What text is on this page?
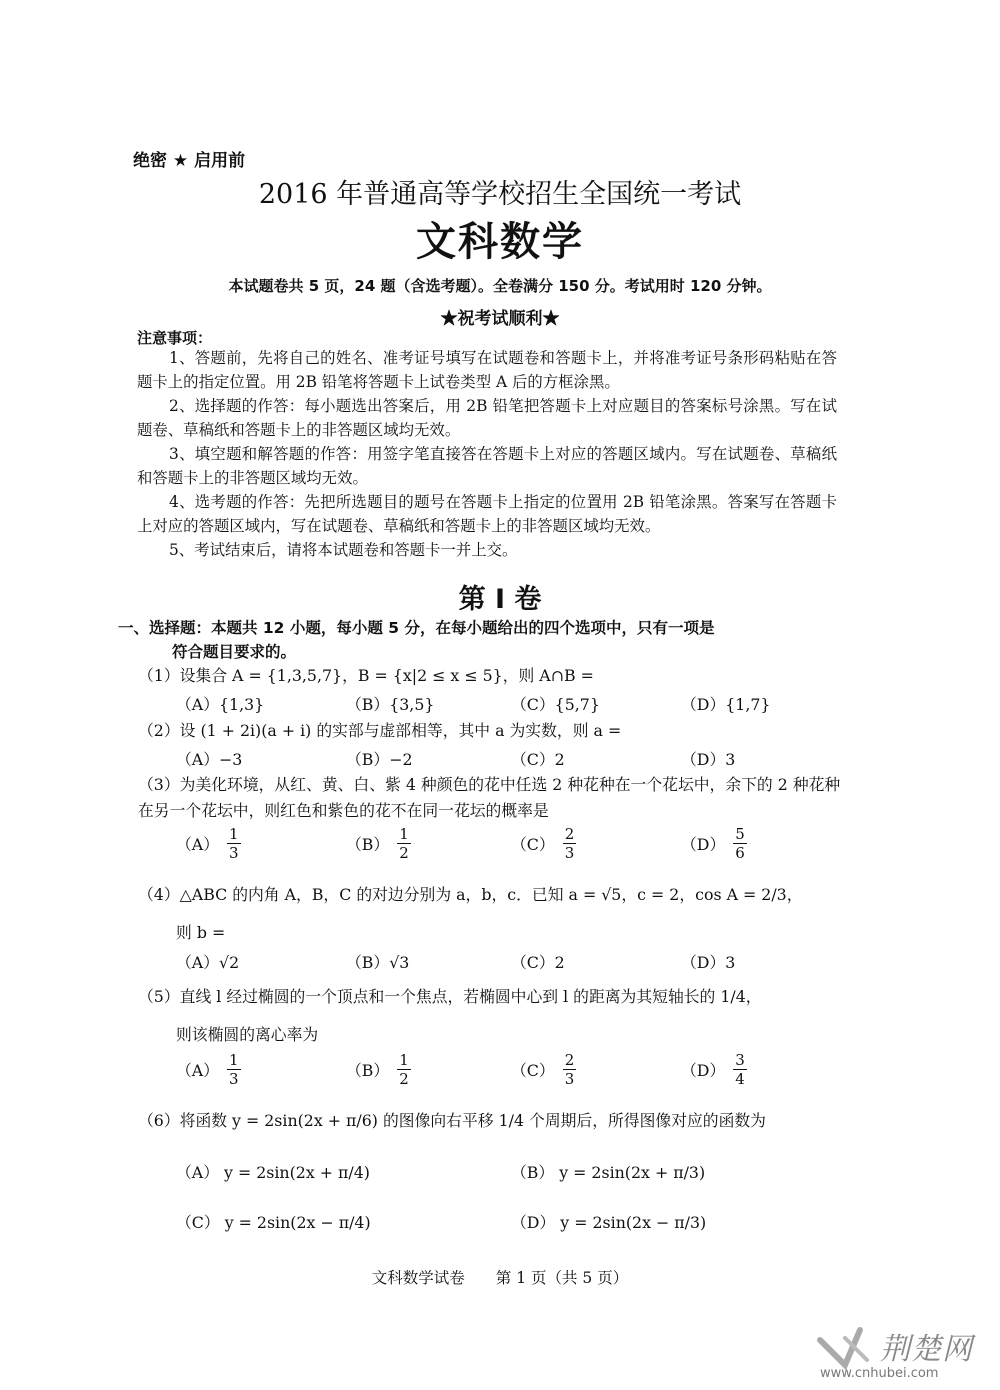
绝密 ★ 启用前
2016 年普通高等学校招生全国统一考试
文科数学
本试题卷共 5 页，24 题（含选考题）。全卷满分 150 分。考试用时 120 分钟。
★祝考试顺利★
注意事项：

1、答题前，先将自己的姓名、准考证号填写在试题卷和答题卡上，并将准考证号条形码粘贴在答题卡上的指定位置。用 2B 铅笔将答题卡上试卷类型 A 后的方框涂黑。

2、选择题的作答：每小题选出答案后，用 2B 铅笔把答题卡上对应题目的答案标号涂黑。写在试题卷、草稿纸和答题卡上的非答题区域均无效。

3、填空题和解答题的作答：用签字笔直接答在答题卡上对应的答题区域内。写在试题卷、草稿纸和答题卡上的非答题区域均无效。

4、选考题的作答：先把所选题目的题号在答题卡上指定的位置用 2B 铅笔涂黑。答案写在答题卡上对应的答题区域内，写在试题卷、草稿纸和答题卡上的非答题区域均无效。

5、考试结束后，请将本试题卷和答题卡一并上交。

第 I 卷
一、选择题：本题共 12 小题，每小题 5 分，在每小题给出的四个选项中，只有一项是
符合题目要求的。
（1）设集合 A = {1,3,5,7}，B = {x|2 ≤ x ≤ 5}，则 A∩B =
（A）{1,3}	（B）{3,5}	（C）{5,7}	（D）{1,7}
（2）设 (1 + 2i)(a + i) 的实部与虚部相等，其中 a 为实数，则 a =
（A）−3	（B）−2	（C）2	（D）3
（3）为美化环境，从红、黄、白、紫 4 种颜色的花中任选 2 种花种在一个花坛中，余下的 2 种花种在另一个花坛中，则红色和紫色的花不在同一花坛的概率是
$(A) \frac{1}{3}$	$(B) \frac{1}{2}$	$(C) \frac{2}{3}$	$(D) \frac{5}{6}$
（4）△ABC 的内角 A，B，C 的对边分别为 a，b，c．已知 a = √5，c = 2，cos A = 2/3，
则 b =
（A）√2	（B）√3	（C）2	（D）3
（5）直线 l 经过椭圆的一个顶点和一个焦点，若椭圆中心到 l 的距离为其短轴长的 1/4，
则该椭圆的离心率为
$(A) \frac{1}{3}$	$(B) \frac{1}{2}$	$(C) \frac{2}{3}$	$(D) \frac{3}{4}$
（6）将函数 y = 2sin(2x + π/6) 的图像向右平移 1/4 个周期后，所得图像对应的函数为
（A） y = 2sin(2x + π/4)	（B） y = 2sin(2x + π/3)
（C） y = 2sin(2x − π/4)	（D） y = 2sin(2x − π/3)
文科数学试卷　　第 1 页（共 5 页）
荆楚网
www.cnhubei.com
